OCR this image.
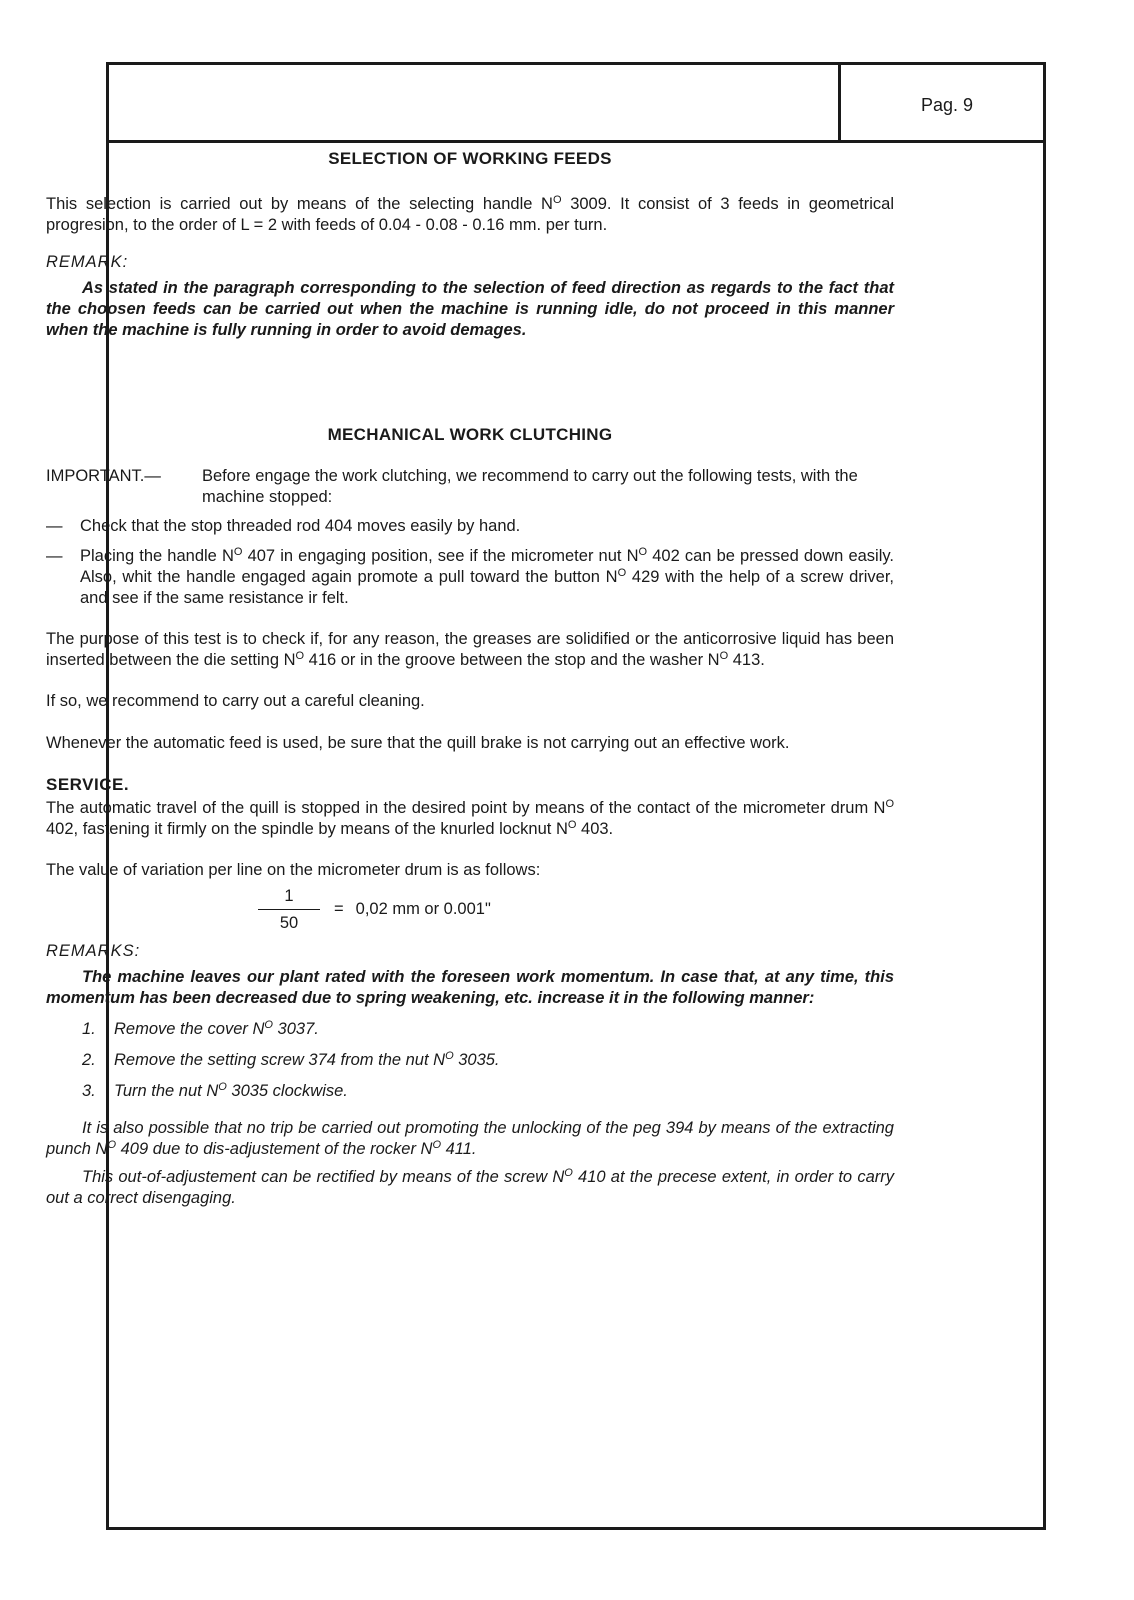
Pag. 9
SELECTION OF WORKING FEEDS

This selection is carried out by means of the selecting handle $N^O$ 3009. It consist of 3 feeds in geometrical progresion, to the order of L = 2 with feeds of 0.04 - 0.08 - 0.16 mm. per turn.

REMARK:

As stated in the paragraph corresponding to the selection of feed direction as regards to the fact that the choosen feeds can be carried out when the machine is running idle, do not proceed in this manner when the machine is fully running in order to avoid demages.

MECHANICAL WORK CLUTCHING
IMPORTANT.—	Before engage the work clutching, we recommend to carry out the following tests, with the machine stopped:
—	Check that the stop threaded rod 404 moves easily by hand.
—	Placing the handle $N^O$ 407 in engaging position, see if the micrometer nut $N^O$ 402 can be pressed down easily. Also, whit the handle engaged again promote a pull toward the button $N^O$ 429 with the help of a screw driver, and see if the same resistance ir felt.

The purpose of this test is to check if, for any reason, the greases are solidified or the anticorrosive liquid has been inserted between the die setting $N^O$ 416 or in the groove between the stop and the washer $N^O$ 413.

If so, we recommend to carry out a careful cleaning.

Whenever the automatic feed is used, be sure that the quill brake is not carrying out an effective work.

SERVICE.

The automatic travel of the quill is stopped in the desired point by means of the contact of the micrometer drum $N^O$ 402, fastening it firmly on the spindle by means of the knurled locknut $N^O$ 403.

The value of variation per line on the micrometer drum is as follows:

$\frac{1}{50} = 0,02$ mm or 0.001"

REMARKS:

The machine leaves our plant rated with the foreseen work momentum. In case that, at any time, this momentum has been decreased due to spring weakening, etc. increase it in the following manner:

1.	Remove the cover $N^O$ 3037.
2.	Remove the setting screw 374 from the nut $N^O$ 3035.
3.	Turn the nut $N^O$ 3035 clockwise.

It is also possible that no trip be carried out promoting the unlocking of the peg 394 by means of the extracting punch $N^O$ 409 due to dis-adjustement of the rocker $N^O$ 411.

This out-of-adjustement can be rectified by means of the screw $N^O$ 410 at the precese extent, in order to carry out a correct disengaging.
